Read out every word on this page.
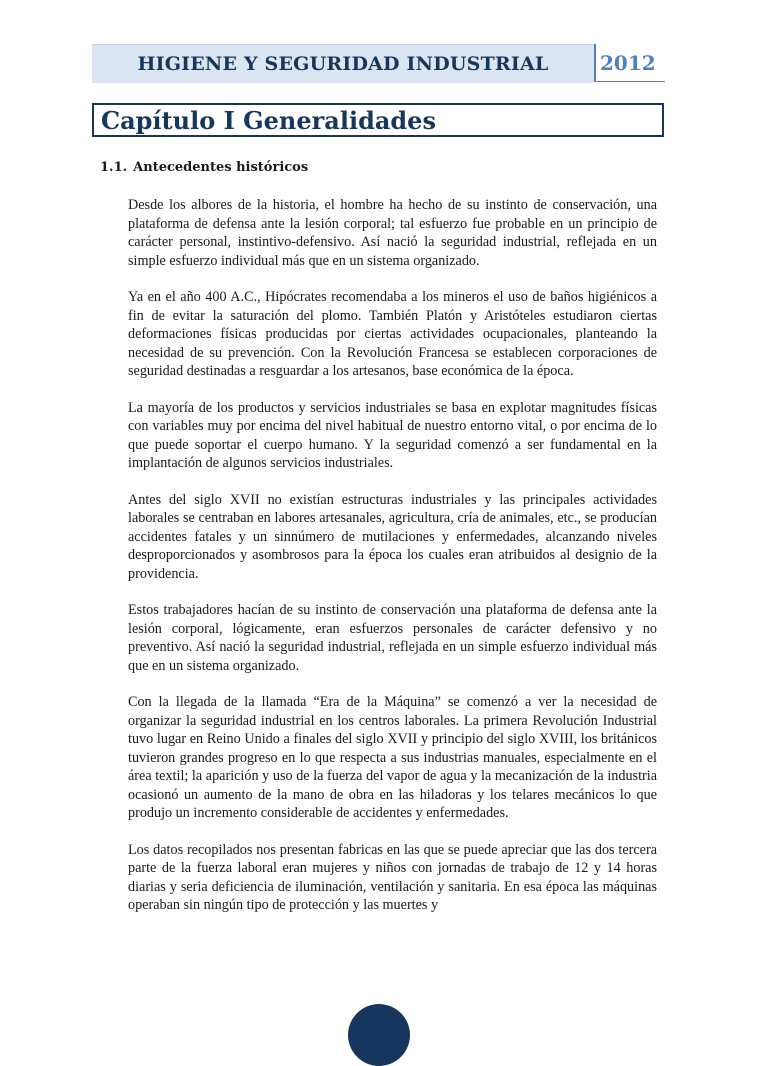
HIGIENE Y SEGURIDAD INDUSTRIAL	2012
Capítulo I Generalidades
1.1. Antecedentes históricos

Desde los albores de la historia, el hombre ha hecho de su instinto de conservación, una plataforma de defensa ante la lesión corporal; tal esfuerzo fue probable en un principio de carácter personal, instintivo-defensivo. Así nació la seguridad industrial, reflejada en un simple esfuerzo individual más que en un sistema organizado.

Ya en el año 400 A.C., Hipócrates recomendaba a los mineros el uso de baños higiénicos a fin de evitar la saturación del plomo. También Platón y Aristóteles estudiaron ciertas deformaciones físicas producidas por ciertas actividades ocupacionales, planteando la necesidad de su prevención. Con la Revolución Francesa se establecen corporaciones de seguridad destinadas a resguardar a los artesanos, base económica de la época.

La mayoría de los productos y servicios industriales se basa en explotar magnitudes físicas con variables muy por encima del nivel habitual de nuestro entorno vital, o por encima de lo que puede soportar el cuerpo humano. Y la seguridad comenzó a ser fundamental en la implantación de algunos servicios industriales.

Antes del siglo XVII no existían estructuras industriales y las principales actividades laborales se centraban en labores artesanales, agricultura, cría de animales, etc., se producían accidentes fatales y un sinnúmero de mutilaciones y enfermedades, alcanzando niveles desproporcionados y asombrosos para la época los cuales eran atribuidos al designio de la providencia.

Estos trabajadores hacían de su instinto de conservación una plataforma de defensa ante la lesión corporal, lógicamente, eran esfuerzos personales de carácter defensivo y no preventivo. Así nació la seguridad industrial, reflejada en un simple esfuerzo individual más que en un sistema organizado.

Con la llegada de la llamada “Era de la Máquina” se comenzó a ver la necesidad de organizar la seguridad industrial en los centros laborales. La primera Revolución Industrial tuvo lugar en Reino Unido a finales del siglo XVII y principio del siglo XVIII, los británicos tuvieron grandes progreso en lo que respecta a sus industrias manuales, especialmente en el área textil; la aparición y uso de la fuerza del vapor de agua y la mecanización de la industria ocasionó un aumento de la mano de obra en las hiladoras y los telares mecánicos lo que produjo un incremento considerable de accidentes y enfermedades.

Los datos recopilados nos presentan fabricas en las que se puede apreciar que las dos tercera parte de la fuerza laboral eran mujeres y niños con jornadas de trabajo de 12 y 14 horas diarias y seria deficiencia de iluminación, ventilación y sanitaria. En esa época las máquinas operaban sin ningún tipo de protección y las muertes y
